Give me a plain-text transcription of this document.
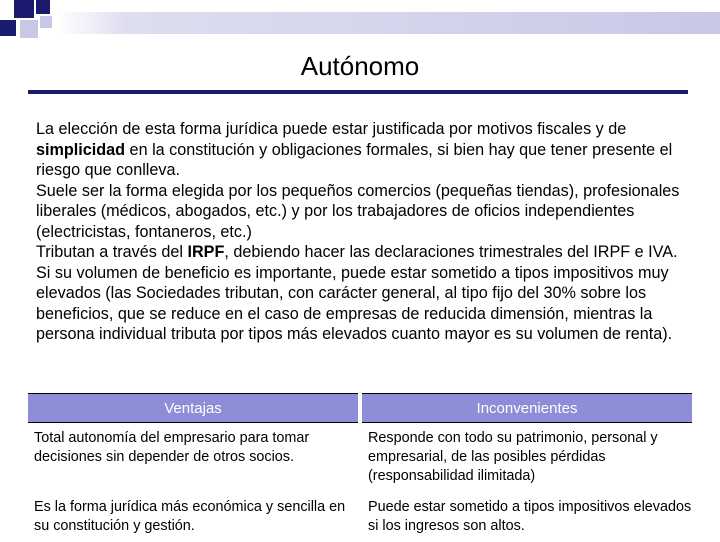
Autónomo

La elección de esta forma jurídica puede estar justificada por motivos fiscales y de simplicidad en la constitución y obligaciones formales, si bien hay que tener presente el riesgo que conlleva.

Suele ser la forma elegida por los pequeños comercios (pequeñas tiendas), profesionales liberales (médicos, abogados, etc.) y por los trabajadores de oficios independientes (electricistas, fontaneros, etc.)

Tributan a través del IRPF, debiendo hacer las declaraciones trimestrales del IRPF e IVA. Si su volumen de beneficio es importante, puede estar sometido a tipos impositivos muy elevados (las Sociedades tributan, con carácter general, al tipo fijo del 30% sobre los beneficios, que se reduce en el caso de empresas de reducida dimensión, mientras la persona individual tributa por tipos más elevados cuanto mayor es su volumen de renta).

Ventajas		Inconvenientes
Total autonomía del empresario para tomar decisiones sin depender de otros socios.		Responde con todo su patrimonio, personal y empresarial, de las posibles pérdidas (responsabilidad ilimitada)
Es la forma jurídica más económica y sencilla en su constitución y gestión.		Puede estar sometido a tipos impositivos elevados si los ingresos son altos.
